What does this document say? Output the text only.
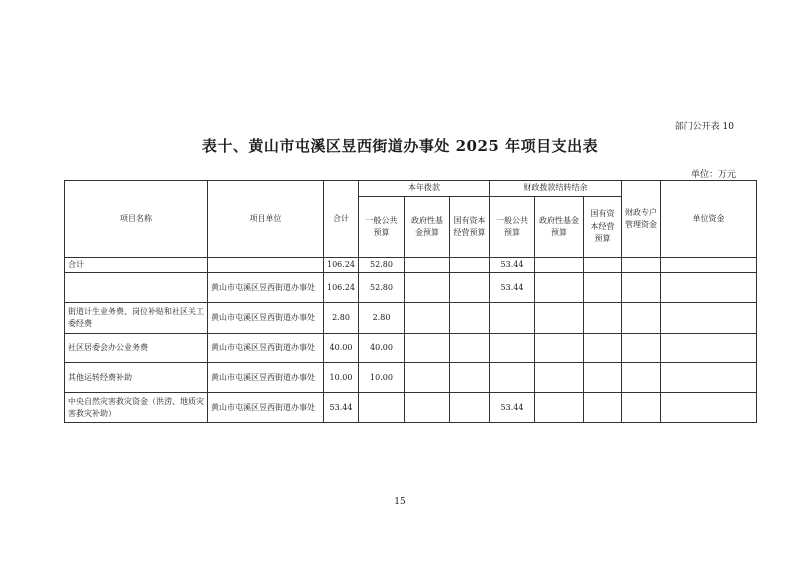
部门公开表 10
表十、黄山市屯溪区昱西街道办事处 2025 年项目支出表
单位：万元
项目名称	项目单位	合计	本年拨款			财政拨款结转结余			财政专户管理资金	单位资金
			一般公共预算	政府性基金预算	国有资本经营预算	一般公共预算	政府性基金预算	国有资本经营预算		
合计		106.24	52.80			53.44				
	黄山市屯溪区昱西街道办事处	106.24	52.80			53.44				
街道计生业务费、岗位补贴和社区关工委经费	黄山市屯溪区昱西街道办事处	2.80	2.80							
社区居委会办公业务费	黄山市屯溪区昱西街道办事处	40.00	40.00							
其他运转经费补助	黄山市屯溪区昱西街道办事处	10.00	10.00							
中央自然灾害救灾资金（洪涝、地质灾害救灾补助）	黄山市屯溪区昱西街道办事处	53.44				53.44				
15
